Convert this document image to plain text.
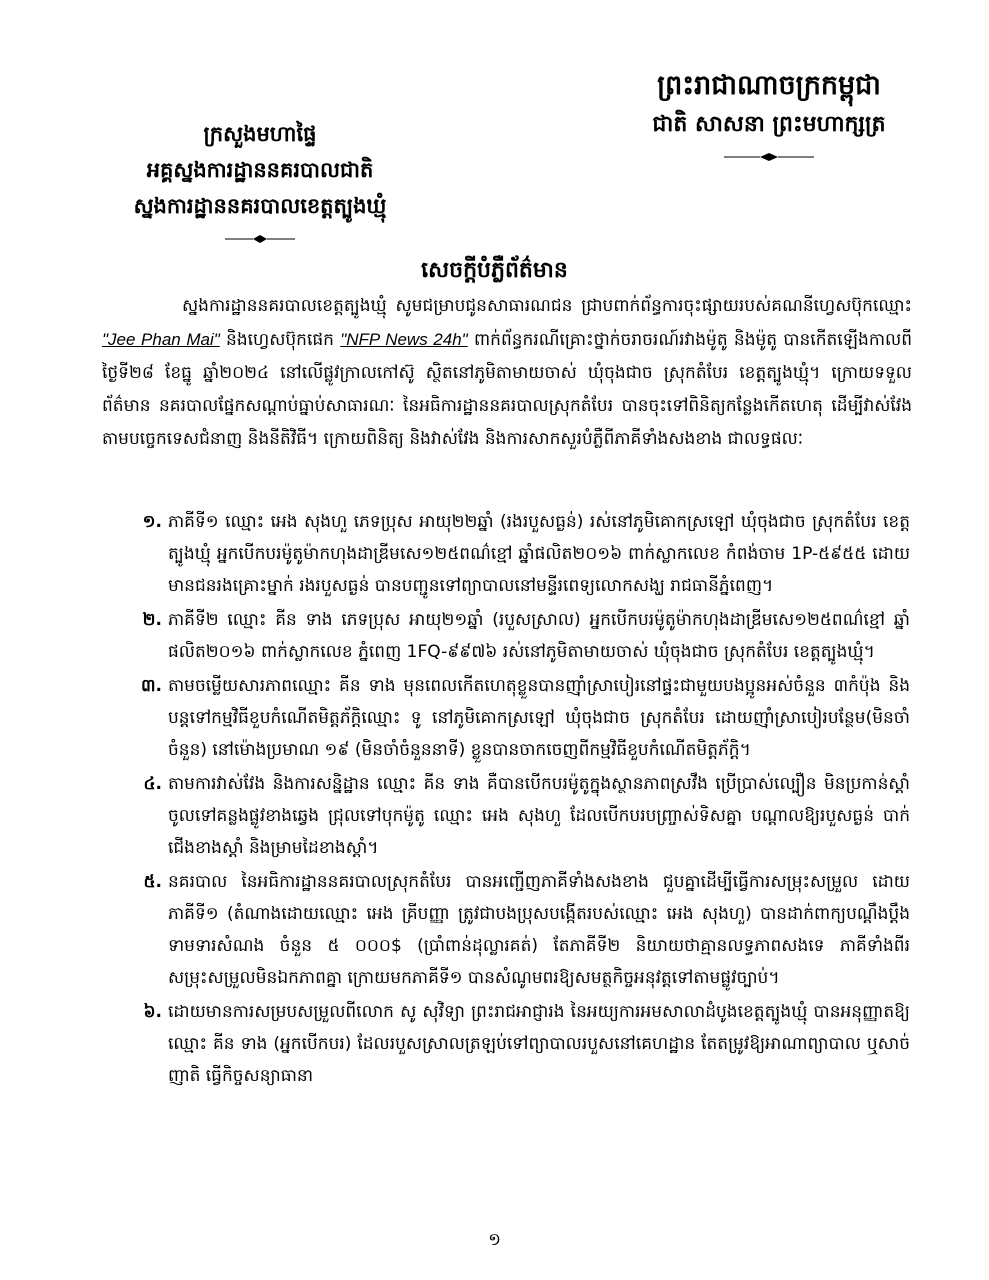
ព្រះរាជាណាចក្រកម្ពុជា
ជាតិ សាសនា ព្រះមហាក្សត្រ
ក្រសួងមហាផ្ទៃ
អគ្គស្នងការដ្ឋាននគរបាលជាតិ
ស្នងការដ្ឋាននគរបាលខេត្តត្បូងឃ្មុំ
សេចក្តីបំភ្លឺព័ត៌មាន
ស្នងការដ្ឋាននគរបាលខេត្តត្បូងឃ្មុំ សូមជម្រាបជូនសាធារណជន ជ្រាបពាក់ព័ន្ធការចុះផ្សាយរបស់គណនីហ្វេសប៊ុកឈ្មោះ "Jee Phan Mai" និងហ្វេសប៊ុកផេក "NFP News 24h" ពាក់ព័ន្ធករណីគ្រោះថ្នាក់ចរាចរណ៍រវាងម៉ូតូ និងម៉ូតូ បានកើតឡើងកាលពីថ្ងៃទី២៨ ខែធ្នូ ឆ្នាំ២០២៤ នៅលើផ្លូវក្រាលកៅស៊ូ ស្ថិតនៅភូមិតាមាយចាស់ ឃុំចុងជាច ស្រុកតំបែរ ខេត្តត្បូងឃ្មុំ។ ក្រោយទទួលព័ត៌មាន នគរបាលផ្នែកសណ្តាប់ធ្នាប់សាធារណៈ នៃអធិការដ្ឋាននគរបាលស្រុកតំបែរ បានចុះទៅពិនិត្យកន្លែងកើតហេតុ ដើម្បីវាស់វែងតាមបច្ចេកទេសជំនាញ និងនីតិវិធី។ ក្រោយពិនិត្យ និងវាស់វែង និងការសាកសួរបំភ្លឺពីភាគីទាំងសងខាង ជាលទ្ធផលៈ
១. ភាគីទី១ ឈ្មោះ អេង សុងហួ ភេទប្រុស អាយុ២២ឆ្នាំ (រងរបួសធ្ងន់) រស់នៅភូមិគោកស្រឡៅ ឃុំចុងជាច ស្រុកតំបែរ ខេត្តត្បូងឃ្មុំ អ្នកបើកបរម៉ូតូម៉ាកហុងដាឌ្រីមសេ១២៥ពណ៌ខ្មៅ ឆ្នាំផលិត២០១៦ ពាក់ស្លាកលេខ កំពង់ចាម 1P-៥៩៥៥ ដោយមានជនរងគ្រោះម្នាក់ រងរបួសធ្ងន់ បានបញ្ជូនទៅព្យាបាលនៅមន្ទីរពេទ្យលោកសង្ឃ រាជធានីភ្នំពេញ។
២. ភាគីទី២ ឈ្មោះ គីន ទាង ភេទប្រុស អាយុ២១ឆ្នាំ (របួសស្រាល) អ្នកបើកបរម៉ូតូម៉ាកហុងដាឌ្រីមសេ១២៥ពណ៌ខ្មៅ ឆ្នាំផលិត២០១៦ ពាក់ស្លាកលេខ ភ្នំពេញ 1FQ-៩៩៧៦ រស់នៅភូមិតាមាយចាស់ ឃុំចុងជាច ស្រុកតំបែរ ខេត្តត្បូងឃ្មុំ។
៣. តាមចម្លើយសារភាពឈ្មោះ គីន ទាង មុនពេលកើតហេតុខ្លួនបានញ៉ាំស្រាបៀរនៅផ្ទះជាមួយបងប្អូនអស់ចំនួន ៣កំប៉ុង និងបន្តទៅកម្មវិធីខួបកំណើតមិត្តភ័ក្តិឈ្មោះ ទូ នៅភូមិគោកស្រឡៅ ឃុំចុងជាច ស្រុកតំបែរ ដោយញ៉ាំស្រាបៀរបន្ថែម(មិនចាំចំនួន) នៅម៉ោងប្រមាណ ១៩ (មិនចាំចំនួននាទី) ខ្លួនបានចាកចេញពីកម្មវិធីខួបកំណើតមិត្តភ័ក្តិ។
៤. តាមការវាស់វែង និងការសន្និដ្ឋាន ឈ្មោះ គីន ទាង គឺបានបើកបរម៉ូតូក្នុងស្ថានភាពស្រវឹង ប្រើប្រាស់ល្បឿន មិនប្រកាន់ស្តាំចូលទៅគន្លងផ្លូវខាងឆ្វេង ជ្រុលទៅបុកម៉ូតូ ឈ្មោះ អេង សុងហួ ដែលបើកបរបញ្ច្រាស់ទិសគ្នា បណ្តាលឱ្យរបួសធ្ងន់ បាក់ជើងខាងស្តាំ និងម្រាមដៃខាងស្តាំ។
៥. នគរបាល នៃអធិការដ្ឋាននគរបាលស្រុកតំបែរ បានអញ្ជើញភាគីទាំងសងខាង ជួបគ្នាដើម្បីធ្វើការសម្រុះសម្រួល ដោយភាគីទី១ (តំណាងដោយឈ្មោះ អេង គ្រីបញ្ញា ត្រូវជាបងប្រុសបង្កើតរបស់ឈ្មោះ អេង សុងហួ) បានដាក់ពាក្យបណ្តឹងប្តឹងទាមទារសំណង ចំនួន ៥ ០០០$ (ប្រាំពាន់ដុល្លារគត់) តែភាគីទី២ និយាយថាគ្មានលទ្ធភាពសងទេ ភាគីទាំងពីរសម្រុះសម្រួលមិនឯកភាពគ្នា ក្រោយមកភាគីទី១ បានសំណូមពរឱ្យសមត្ថកិច្ចអនុវត្តទៅតាមផ្លូវច្បាប់។
៦. ដោយមានការសម្របសម្រួលពីលោក សូ សុវិទ្យា ព្រះរាជអាជ្ញារង នៃអយ្យការអមសាលាដំបូងខេត្តត្បូងឃ្មុំ បានអនុញ្ញាតឱ្យឈ្មោះ គីន ទាង (អ្នកបើកបរ) ដែលរបួសស្រាលត្រឡប់ទៅព្យាបាលរបួសនៅគេហដ្ឋាន តែតម្រូវឱ្យអាណាព្យាបាល ឬសាច់ញាតិ ធ្វើកិច្ចសន្យាធានា
១
